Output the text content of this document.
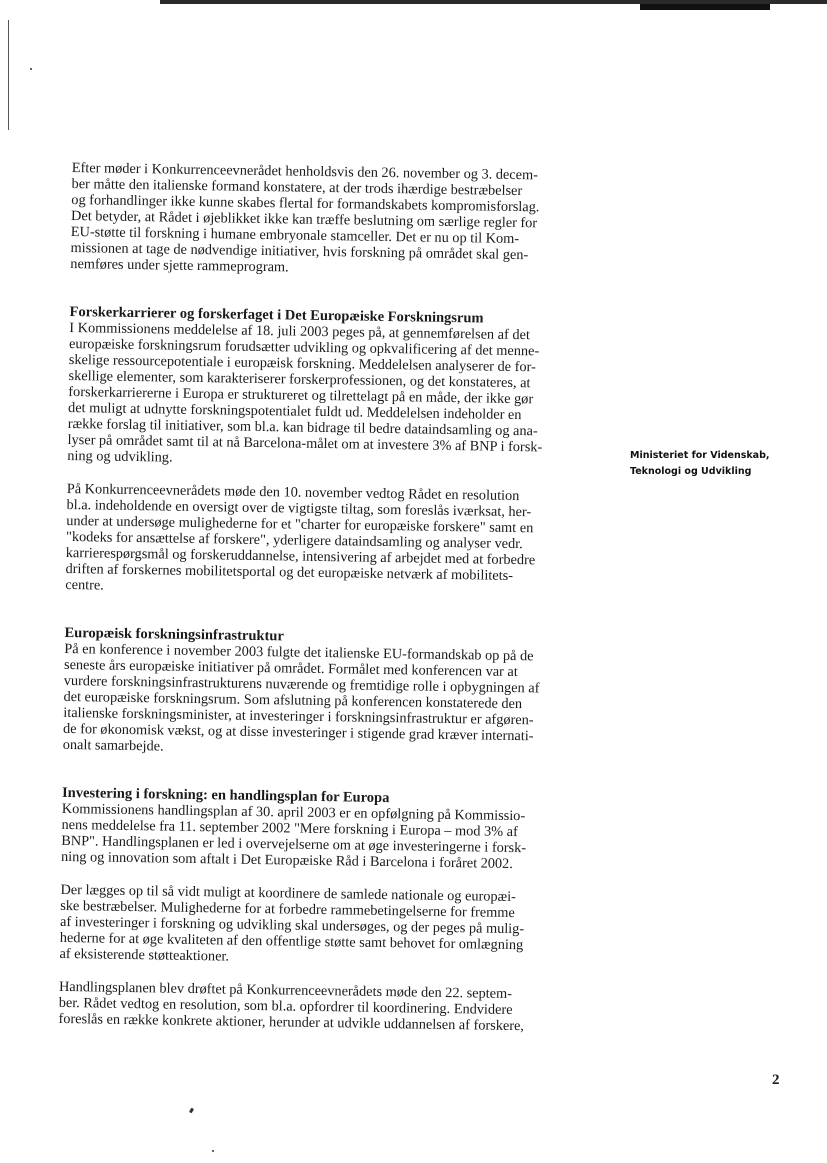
Efter møder i Konkurrenceevnerådet henholdsvis den 26. november og 3. decem-
ber måtte den italienske formand konstatere, at der trods ihærdige bestræbelser
og forhandlinger ikke kunne skabes flertal for formandskabets kompromisforslag.
Det betyder, at Rådet i øjeblikket ikke kan træffe beslutning om særlige regler for
EU-støtte til forskning i humane embryonale stamceller. Det er nu op til Kom-
missionen at tage de nødvendige initiativer, hvis forskning på området skal gen-
nemføres under sjette rammeprogram.

Forskerkarrierer og forskerfaget i Det Europæiske Forskningsrum

I Kommissionens meddelelse af 18. juli 2003 peges på, at gennemførelsen af det
europæiske forskningsrum forudsætter udvikling og opkvalificering af det menne-
skelige ressourcepotentiale i europæisk forskning. Meddelelsen analyserer de for-
skellige elementer, som karakteriserer forskerprofessionen, og det konstateres, at
forskerkarriererne i Europa er struktureret og tilrettelagt på en måde, der ikke gør
det muligt at udnytte forskningspotentialet fuldt ud. Meddelelsen indeholder en
række forslag til initiativer, som bl.a. kan bidrage til bedre dataindsamling og ana-
lyser på området samt til at nå Barcelona-målet om at investere 3% af BNP i forsk-
ning og udvikling.

På Konkurrenceevnerådets møde den 10. november vedtog Rådet en resolution
bl.a. indeholdende en oversigt over de vigtigste tiltag, som foreslås iværksat, her-
under at undersøge mulighederne for et "charter for europæiske forskere" samt en
"kodeks for ansættelse af forskere", yderligere dataindsamling og analyser vedr.
karrierespørgsmål og forskeruddannelse, intensivering af arbejdet med at forbedre
driften af forskernes mobilitetsportal og det europæiske netværk af mobilitets-
centre.

Europæisk forskningsinfrastruktur

På en konference i november 2003 fulgte det italienske EU-formandskab op på de
seneste års europæiske initiativer på området. Formålet med konferencen var at
vurdere forskningsinfrastrukturens nuværende og fremtidige rolle i opbygningen af
det europæiske forskningsrum. Som afslutning på konferencen konstaterede den
italienske forskningsminister, at investeringer i forskningsinfrastruktur er afgøren-
de for økonomisk vækst, og at disse investeringer i stigende grad kræver internati-
onalt samarbejde.

Investering i forskning: en handlingsplan for Europa

Kommissionens handlingsplan af 30. april 2003 er en opfølgning på Kommissio-
nens meddelelse fra 11. september 2002 "Mere forskning i Europa – mod 3% af
BNP". Handlingsplanen er led i overvejelserne om at øge investeringerne i forsk-
ning og innovation som aftalt i Det Europæiske Råd i Barcelona i foråret 2002.

Der lægges op til så vidt muligt at koordinere de samlede nationale og europæi-
ske bestræbelser. Mulighederne for at forbedre rammebetingelserne for fremme
af investeringer i forskning og udvikling skal undersøges, og der peges på mulig-
hederne for at øge kvaliteten af den offentlige støtte samt behovet for omlægning
af eksisterende støtteaktioner.

Handlingsplanen blev drøftet på Konkurrenceevnerådets møde den 22. septem-
ber. Rådet vedtog en resolution, som bl.a. opfordrer til koordinering. Endvidere
foreslås en række konkrete aktioner, herunder at udvikle uddannelsen af forskere,

Ministeriet for Videnskab,
Teknologi og Udvikling
2
